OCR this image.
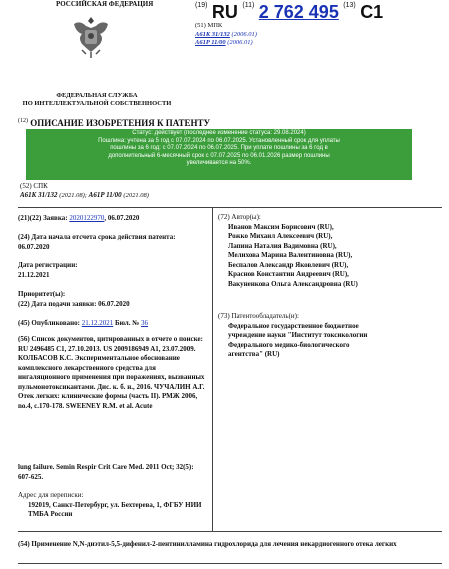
РОССИЙСКАЯ ФЕДЕРАЦИЯ
ФЕДЕРАЛЬНАЯ СЛУЖБА
ПО ИНТЕЛЛЕКТУАЛЬНОЙ СОБСТВЕННОСТИ
$^{(19)}$ RU $^{(11)}$ 2 762 495 $^{(13)}$ C1
(51) МПК
A61K 31/132 (2006.01)
A61P 11/00 (2006.01)
$^{(12)}$ ОПИСАНИЕ ИЗОБРЕТЕНИЯ К ПАТЕНТУ
Статус: действует (последнее изменение статуса: 29.08.2024)
Пошлина: учтена за 5 год с 07.07.2024 по 06.07.2025. Установленный срок для уплаты
пошлины за 6 год: с 07.07.2024 по 06.07.2025. При уплате пошлины за 6 год в
дополнительный 6-месячный срок с 07.07.2025 по 06.01.2026 размер пошлины
увеличивается на 50%.
(52) СПК
A61K 31/132 (2021.08); A61P 11/00 (2021.08)
(21)(22) Заявка: 2020122970, 06.07.2020
(24) Дата начала отсчета срока действия патента:
06.07.2020
Дата регистрации:
21.12.2021
Приоритет(ы):
(22) Дата подачи заявки: 06.07.2020
(45) Опубликовано: 21.12.2021 Бюл. № 36
(56) Список документов, цитированных в отчете о поиске: RU 2496485 C1, 27.10.2013. US 2009186949 A1, 23.07.2009. КОЛБАСОВ К.С. Экспериментальное обоснование комплексного лекарственного средства для ингаляционного применения при поражениях, вызванных пульмонотоксикантами. Дис. к. б. н., 2016. ЧУЧАЛИН А.Г. Отек легких: клинические формы (часть II). РМЖ 2006, no.4, c.170-178. SWEENEY R.M. et al. Acute
lung failure. Semin Respir Crit Care Med. 2011 Oct; 32(5): 607-625.
Адрес для переписки:
192019, Санкт-Петербург, ул. Бехтерева, 1, ФГБУ НИИ ТМБА России
(72) Автор(ы):
Иванов Максим Борисович (RU),
Рожко Михаил Алексеевич (RU),
Лапина Наталия Вадимовна (RU),
Мелихова Марина Валентиновна (RU),
Беспалов Александр Яковлевич (RU),
Краснов Константин Андреевич (RU),
Вакуненкова Ольга Александровна (RU)
(73) Патентообладатель(и):
Федеральное государственное бюджетное учреждение науки "Институт токсикологии Федерального медико-биологического агентства" (RU)
(54) Применение N,N-диэтил-5,5-дифенил-2-пентинилламина гидрохлорида для лечения некардиогенного отека легких
